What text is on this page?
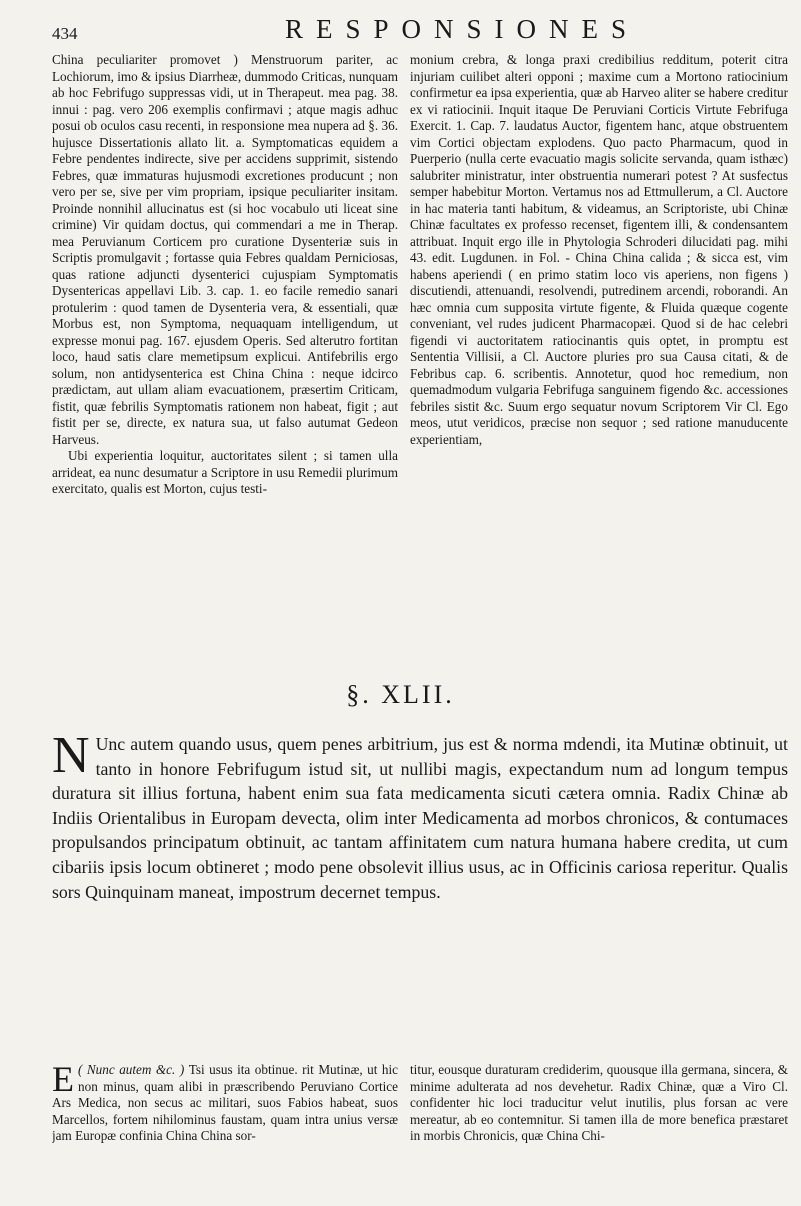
434	RESPONSIONES

China peculiariter promovet ) Menstruorum pariter, ac Lochiorum, imo & ipsius Diarrheæ, dummodo Criticas, nunquam ab hoc Febrifugo suppressas vidi, ut in Therapeut. mea pag. 38. innui : pag. vero 206 exemplis confirmavi ; atque magis adhuc posui ob oculos casu recenti, in responsione mea nupera ad §. 36. hujusce Dissertationis allato lit. a. Symptomaticas equidem a Febre pendentes indirecte, sive per accidens supprimit, sistendo Febres, quæ immaturas hujusmodi excretiones producunt ; non vero per se, sive per vim propriam, ipsique peculiariter insitam. Proinde nonnihil allucinatus est (si hoc vocabulo uti liceat sine crimine) Vir quidam doctus, qui commendari a me in Therap. mea Peruvianum Corticem pro curatione Dysenteriæ suis in Scriptis promulgavit ; fortasse quia Febres qualdam Perniciosas, quas ratione adjuncti dysenterici cujuspiam Symptomatis Dysentericas appellavi Lib. 3. cap. 1. eo facile remedio sanari protulerim : quod tamen de Dysenteria vera, & essentiali, quæ Morbus est, non Symptoma, nequaquam intelligendum, ut expresse monui pag. 167. ejusdem Operis. Sed alterutro fortitan loco, haud satis clare memetipsum explicui. Antifebrilis ergo solum, non antidysenterica est China China : neque idcirco prædictam, aut ullam aliam evacuationem, præsertim Criticam, fistit, quæ febrilis Symptomatis rationem non habeat, figit ; aut fistit per se, directe, ex natura sua, ut falso autumat Gedeon Harveus.

Ubi experientia loquitur, auctoritates silent ; si tamen ulla arrideat, ea nunc desumatur a Scriptore in usu Remedii plurimum exercitato, qualis est Morton, cujus testi-

monium crebra, & longa praxi credibilius redditum, poterit citra injuriam cuilibet alteri opponi ; maxime cum a Mortono ratiocinium confirmetur ea ipsa experientia, quæ ab Harveo aliter se habere creditur ex vi ratiocinii. Inquit itaque De Peruviani Corticis Virtute Febrifuga Exercit. 1. Cap. 7. laudatus Auctor, figentem hanc, atque obstruentem vim Cortici objectam explodens. Quo pacto Pharmacum, quod in Puerperio (nulla certe evacuatio magis solicite servanda, quam isthæc) salubriter ministratur, inter obstruentia numerari potest ? At susfectus semper habebitur Morton. Vertamus nos ad Ettmullerum, a Cl. Auctore in hac materia tanti habitum, & videamus, an Scriptoriste, ubi Chinæ Chinæ facultates ex professo recenset, figentem illi, & condensantem attribuat. Inquit ergo ille in Phytologia Schroderi dilucidati pag. mihi 43. edit. Lugdunen. in Fol. - China China calida ; & sicca est, vim habens aperiendi ( en primo statim loco vis aperiens, non figens ) discutiendi, attenuandi, resolvendi, putredinem arcendi, roborandi. An hæc omnia cum supposita virtute figente, & Fluida quæque cogente conveniant, vel rudes judicent Pharmacopæi. Quod si de hac celebri figendi vi auctoritatem ratiocinantis quis optet, in promptu est Sententia Villisii, a Cl. Auctore pluries pro sua Causa citati, & de Febribus cap. 6. scribentis. Annotetur, quod hoc remedium, non quemadmodum vulgaria Febrifuga sanguinem figendo &c. accessiones febriles sistit &c. Suum ergo sequatur novum Scriptorem Vir Cl. Ego meos, utut veridicos, præcise non sequor ; sed ratione manuducente experientiam,

§. XLII.
N Unc autem quando usus, quem penes arbitrium, jus est & norma mdendi, ita Mutinæ obtinuit, ut tanto in honore Febrifugum istud sit, ut nullibi magis, expectandum num ad longum tempus duratura sit illius fortuna, habent enim sua fata medicamenta sicuti cætera omnia. Radix Chinæ ab Indiis Orientalibus in Europam devecta, olim inter Medicamenta ad morbos chronicos, & contumaces propulsandos principatum obtinuit, ac tantam affinitatem cum natura humana habere credita, ut cum cibariis ipsis locum obtineret ; modo pene obsolevit illius usus, ac in Officinis cariosa reperitur. Qualis sors Quinquinam maneat, impostrum decernet tempus.

( Nunc autem &c. )
E	Tsi usus ita obtinue. rit Mutinæ, ut hic non minus, quam alibi in præscribendo Peruviano Cortice Ars Medica, non secus ac militari, suos Fabios habeat, suos Marcellos, fortem nihilominus faustam, quam intra unius versæ jam Europæ confinia China China sor-

titur, eousque duraturam crediderim, quousque illa germana, sincera, & minime adulterata ad nos devehetur. Radix Chinæ, quæ a Viro Cl. confidenter hic loci traducitur velut inutilis, plus forsan ac vere mereatur, ab eo contemnitur. Si tamen illa de more benefica præstaret in morbis Chronicis, quæ China Chi-
